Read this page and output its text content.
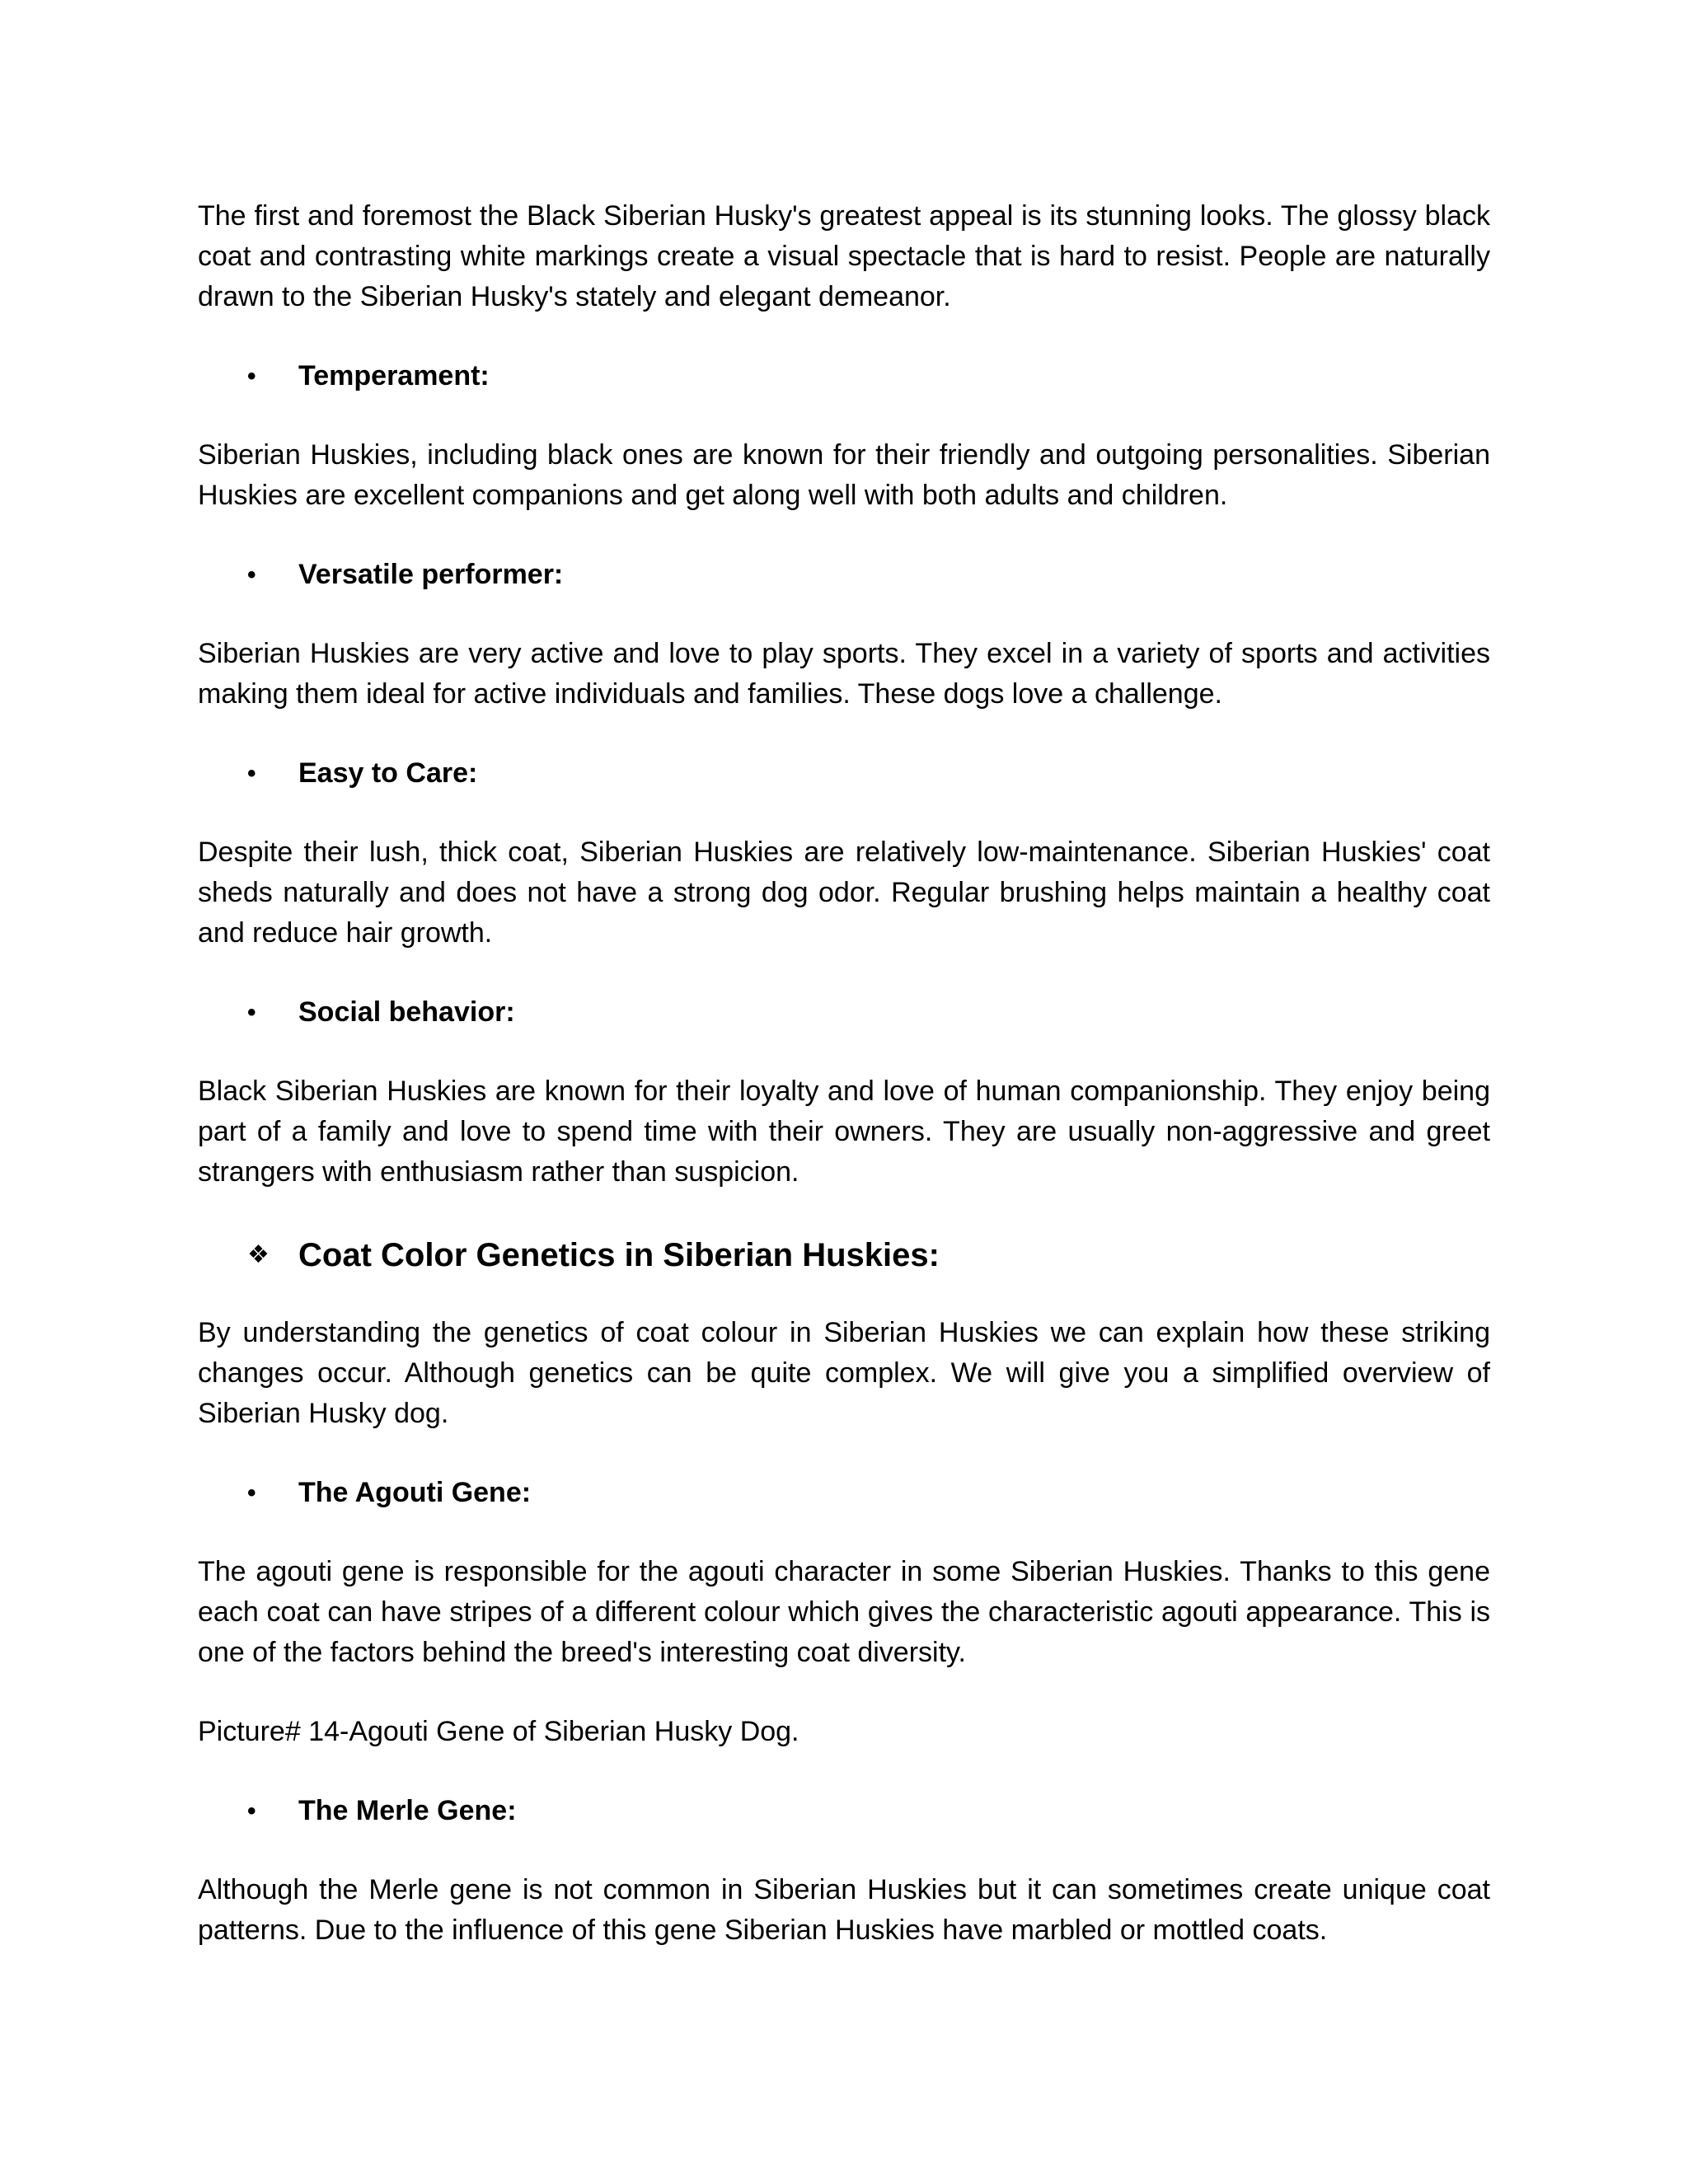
The first and foremost the Black Siberian Husky's greatest appeal is its stunning looks. The glossy black coat and contrasting white markings create a visual spectacle that is hard to resist. People are naturally drawn to the Siberian Husky's stately and elegant demeanor.

•	Temperament:

Siberian Huskies, including black ones are known for their friendly and outgoing personalities. Siberian Huskies are excellent companions and get along well with both adults and children.

•	Versatile performer:

Siberian Huskies are very active and love to play sports. They excel in a variety of sports and activities making them ideal for active individuals and families. These dogs love a challenge.

•	Easy to Care:

Despite their lush, thick coat, Siberian Huskies are relatively low-maintenance. Siberian Huskies' coat sheds naturally and does not have a strong dog odor. Regular brushing helps maintain a healthy coat and reduce hair growth.

•	Social behavior:

Black Siberian Huskies are known for their loyalty and love of human companionship. They enjoy being part of a family and love to spend time with their owners. They are usually non-aggressive and greet strangers with enthusiasm rather than suspicion.

❖ Coat Color Genetics in Siberian Huskies:

By understanding the genetics of coat colour in Siberian Huskies we can explain how these striking changes occur. Although genetics can be quite complex. We will give you a simplified overview of Siberian Husky dog.

•	The Agouti Gene:

The agouti gene is responsible for the agouti character in some Siberian Huskies. Thanks to this gene each coat can have stripes of a different colour which gives the characteristic agouti appearance. This is one of the factors behind the breed's interesting coat diversity.

Picture# 14-Agouti Gene of Siberian Husky Dog.

•	The Merle Gene:

Although the Merle gene is not common in Siberian Huskies but it can sometimes create unique coat patterns. Due to the influence of this gene Siberian Huskies have marbled or mottled coats.
